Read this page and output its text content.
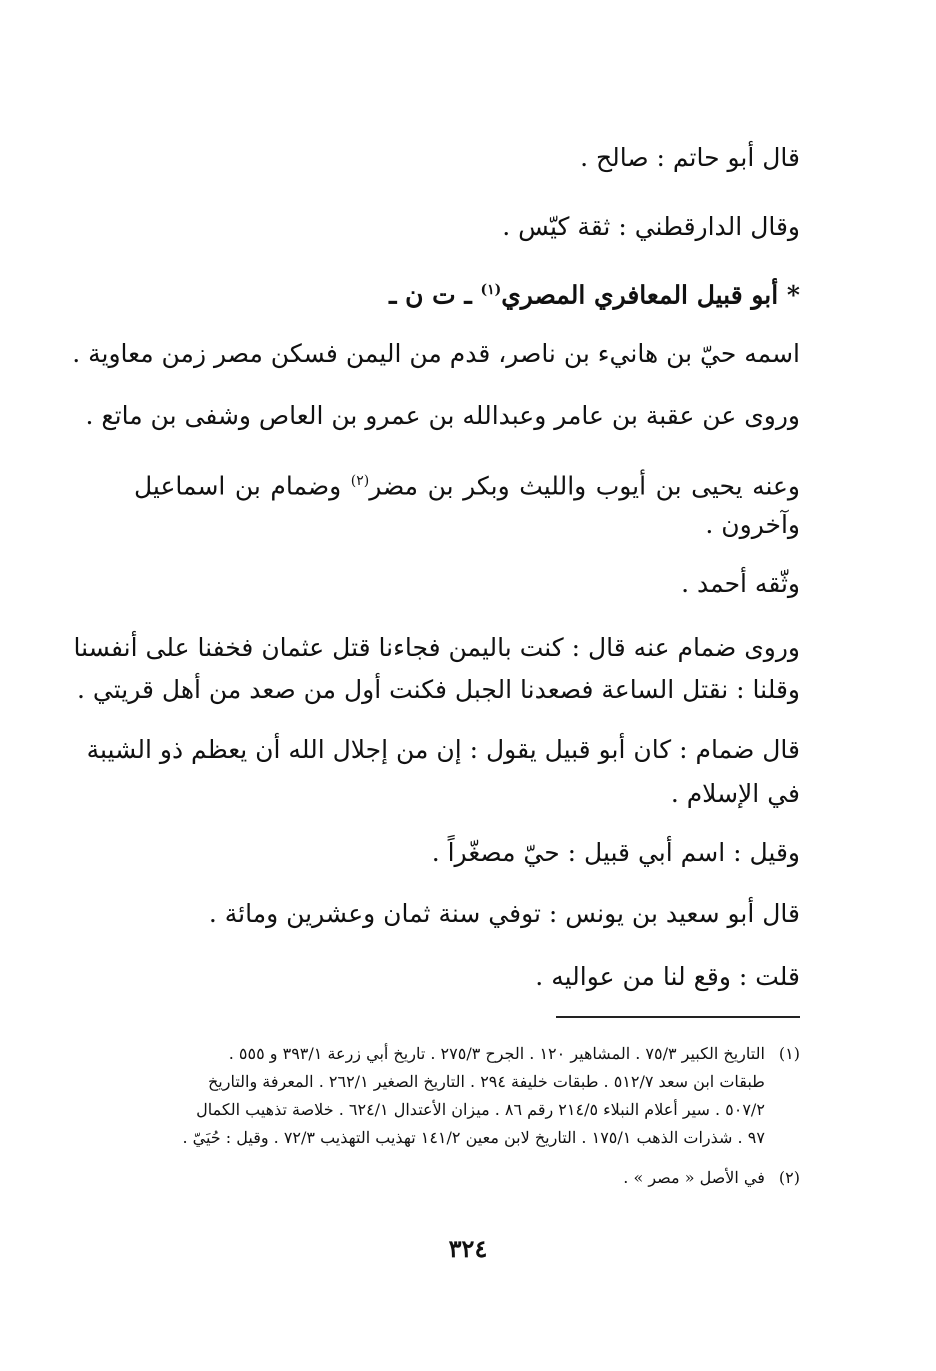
قال أبو حاتم : صالح .
وقال الدارقطني : ثقة كيّس .
* أبو قبيل المعافري المصري$^{(١)}$ ـ ت ن ـ
اسمه حيّ بن هانيء بن ناصر، قدم من اليمن فسكن مصر زمن معاوية .
وروى عن عقبة بن عامر وعبدالله بن عمرو بن العاص وشفى بن ماتع .
وعنه يحيى بن أيوب والليث وبكر بن مضر$^{(٢)}$ وضمام بن اسماعيل
وآخرون .
وثّقه أحمد .
وروى ضمام عنه قال : كنت باليمن فجاءنا قتل عثمان فخفنا على أنفسنا
وقلنا : نقتل الساعة فصعدنا الجبل فكنت أول من صعد من أهل قريتي .
قال ضمام : كان أبو قبيل يقول : إن من إجلال الله أن يعظم ذو الشيبة
في الإسلام .
وقيل : اسم أبي قبيل : حيّ مصغّراً .
قال أبو سعيد بن يونس : توفي سنة ثمان وعشرين ومائة .
قلت : وقع لنا من عواليه .
(١) التاريخ الكبير ٧٥/٣ . المشاهير ١٢٠ . الجرح ٢٧٥/٣ . تاريخ أبي زرعة ٣٩٣/١ و ٥٥٥ .
طبقات ابن سعد ٥١٢/٧ . طبقات خليفة ٢٩٤ . التاريخ الصغير ٢٦٢/١ . المعرفة والتاريخ
٥٠٧/٢ . سير أعلام النبلاء ٢١٤/٥ رقم ٨٦ . ميزان الأعتدال ٦٢٤/١ . خلاصة تذهيب الكمال
٩٧ . شذرات الذهب ١٧٥/١ . التاريخ لابن معين ١٤١/٢ تهذيب التهذيب ٧٢/٣ . وقيل : حُيَيّ .
(٢) في الأصل « مصر » .
٣٢٤
